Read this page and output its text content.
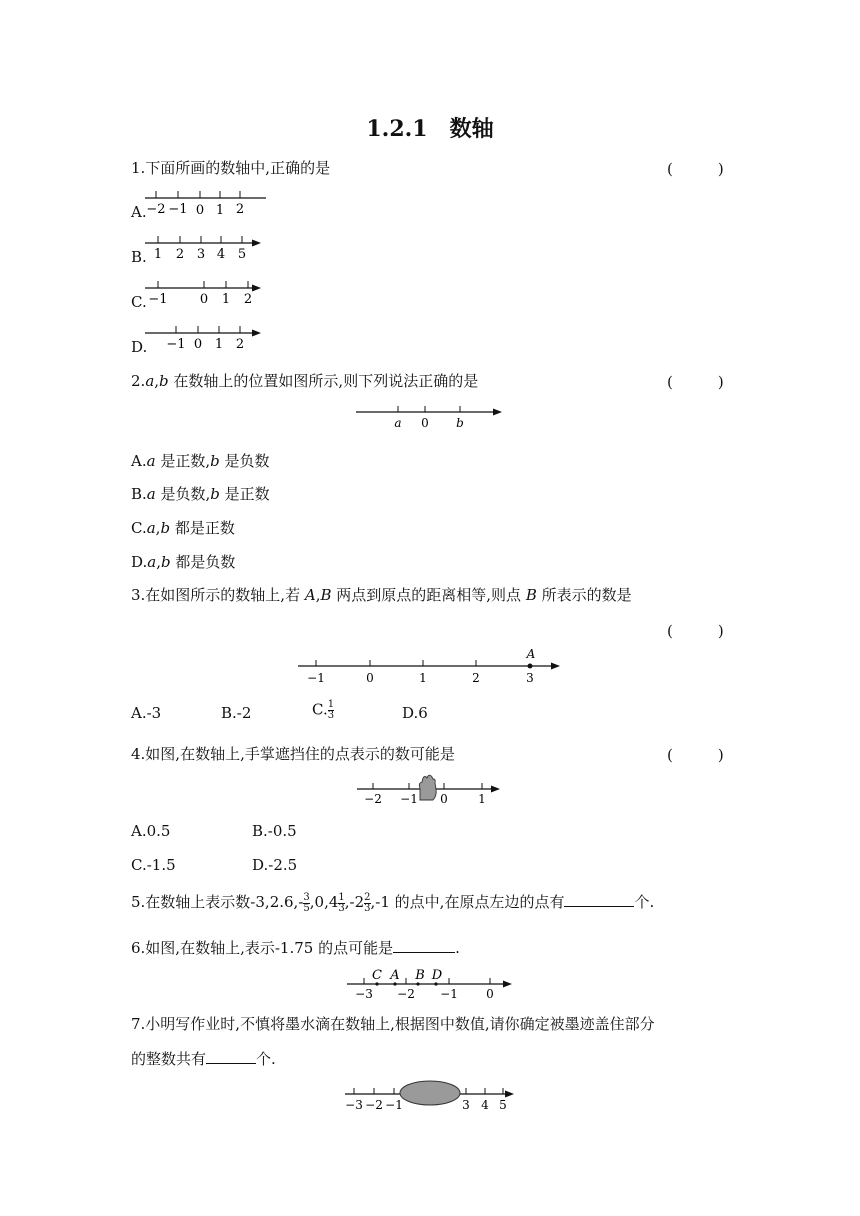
1.2.1　数轴
1.下面所画的数轴中,正确的是	(　　　)
A. −2 −1 0 1 2
B. 1 2 3 4 5
C. −1 0 1 2
D. −1 0 1 2
2.a,b 在数轴上的位置如图所示,则下列说法正确的是	(　　　)
a 0 b
A.a 是正数,b 是负数
B.a 是负数,b 是正数
C.a,b 都是正数
D.a,b 都是负数
3.在如图所示的数轴上,若 A,B 两点到原点的距离相等,则点 B 所表示的数是
(　　　)
A
−1	0	1	2	3
A.-3	B.-2	C. $\frac{1}{3}$	D.6
4.如图,在数轴上,手掌遮挡住的点表示的数可能是	(　　　)
−2 −1 0	1
A.0.5	B.-0.5
C.-1.5	D.-2.5
5.在数轴上表示数$-3,2.6,- \frac{3}{5} ,0,4 \frac{1}{3} ,-2 \frac{2}{3} ,-1$ 的点中,在原点左边的点有	个.
6.如图,在数轴上,表示-1.75 的点可能是	.
C A B D
−3 −2 −1 0
7.小明写作业时,不慎将墨水滴在数轴上,根据图中数值,请你确定被墨迹盖住部分
的整数共有	个.
−3 −2 −1	3 4 5
